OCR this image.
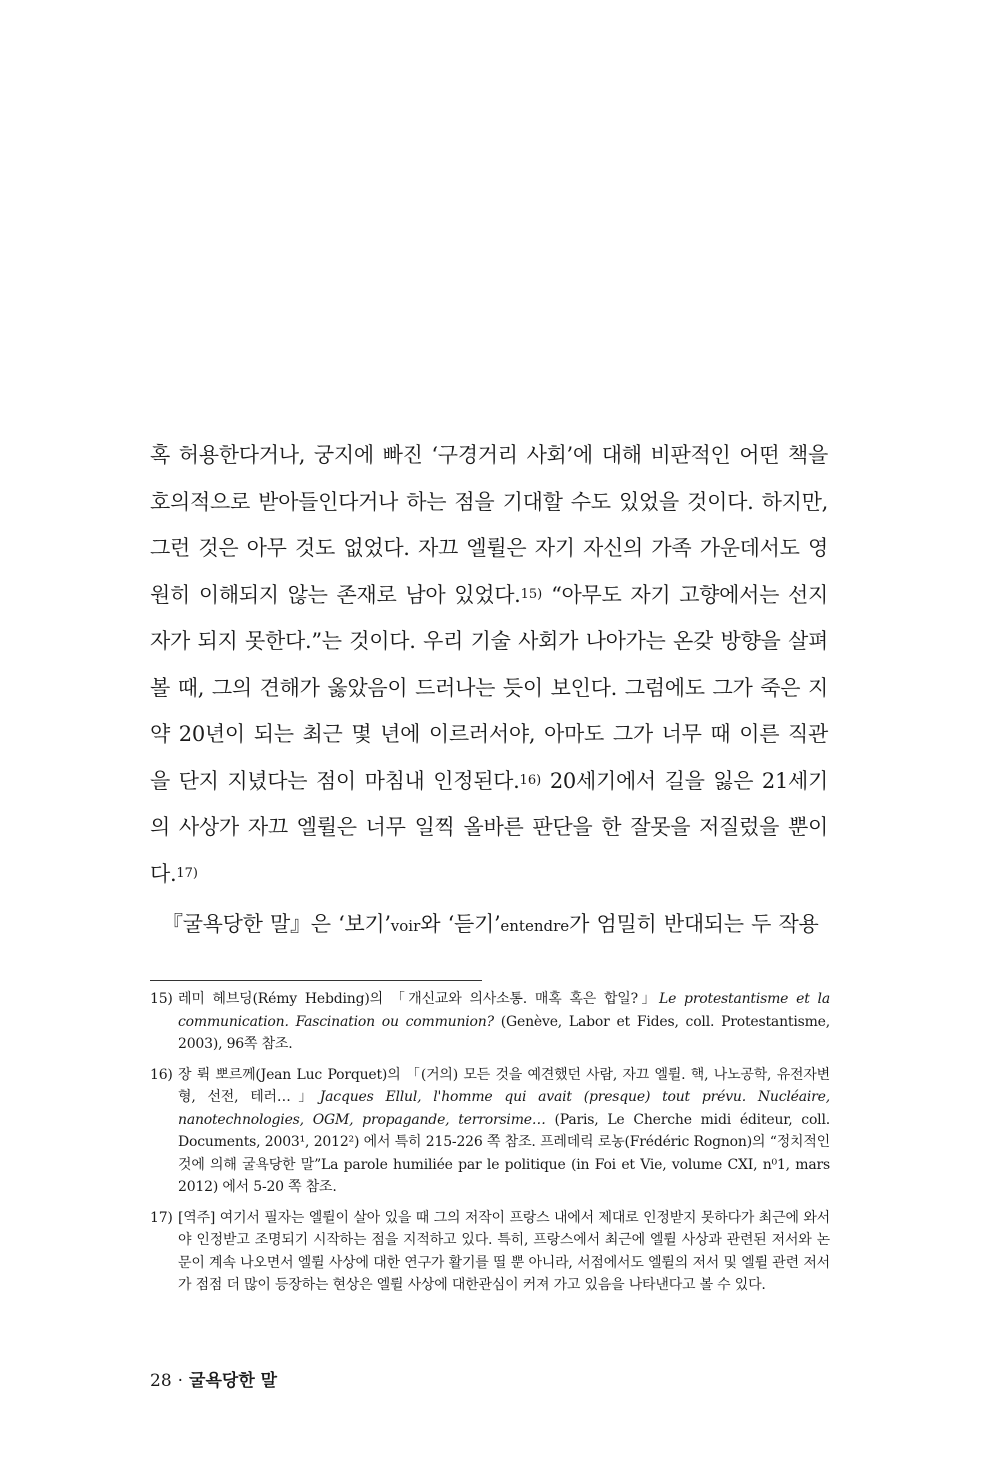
혹 허용한다거나, 궁지에 빠진 ‘구경거리 사회’에 대해 비판적인 어떤 책을 호의적으로 받아들인다거나 하는 점을 기대할 수도 있었을 것이다. 하지만, 그런 것은 아무 것도 없었다. 자끄 엘륄은 자기 자신의 가족 가운데서도 영원히 이해되지 않는 존재로 남아 있었다.$^{15)}$ “아무도 자기 고향에서는 선지자가 되지 못한다.”는 것이다. 우리 기술 사회가 나아가는 온갖 방향을 살펴볼 때, 그의 견해가 옳았음이 드러나는 듯이 보인다. 그럼에도 그가 죽은 지 약 20년이 되는 최근 몇 년에 이르러서야, 아마도 그가 너무 때 이른 직관을 단지 지녔다는 점이 마침내 인정된다.$^{16)}$ 20세기에서 길을 잃은 21세기의 사상가 자끄 엘륄은 너무 일찍 올바른 판단을 한 잘못을 저질렀을 뿐이다.$^{17)}$

『굴욕당한 말』은 ‘보기’voir와 ‘듣기’entendre가 엄밀히 반대되는 두 작용

15) 레미 헤브딩(Rémy Hebding)의 「개신교와 의사소통. 매혹 혹은 합일?」Le protestantisme et la communication. Fascination ou communion? (Genève, Labor et Fides, coll. Protestantisme, 2003), 96쪽 참조.
16) 장 뤽 뽀르께(Jean Luc Porquet)의 「(거의) 모든 것을 예견했던 사람, 자끄 엘륄. 핵, 나노공학, 유전자변형, 선전, 테러…」Jacques Ellul, l'homme qui avait (presque) tout prévu. Nucléaire, nanotechnologies, OGM, propagande, terrorsime… (Paris, Le Cherche midi éditeur, coll. Documents, 2003¹, 2012²) 에서 특히 215-226 쪽 참조. 프레데릭 로농(Frédéric Rognon)의 “정치적인 것에 의해 굴욕당한 말”La parole humiliée par le politique (in Foi et Vie, volume CXI, n⁰1, mars 2012) 에서 5-20 쪽 참조.
17) [역주] 여기서 필자는 엘륄이 살아 있을 때 그의 저작이 프랑스 내에서 제대로 인정받지 못하다가 최근에 와서야 인정받고 조명되기 시작하는 점을 지적하고 있다. 특히, 프랑스에서 최근에 엘륄 사상과 관련된 저서와 논문이 계속 나오면서 엘륄 사상에 대한 연구가 활기를 띨 뿐 아니라, 서점에서도 엘륄의 저서 및 엘륄 관련 저서가 점점 더 많이 등장하는 현상은 엘륄 사상에 대한관심이 커져 가고 있음을 나타낸다고 볼 수 있다.
28 · 굴욕당한 말
